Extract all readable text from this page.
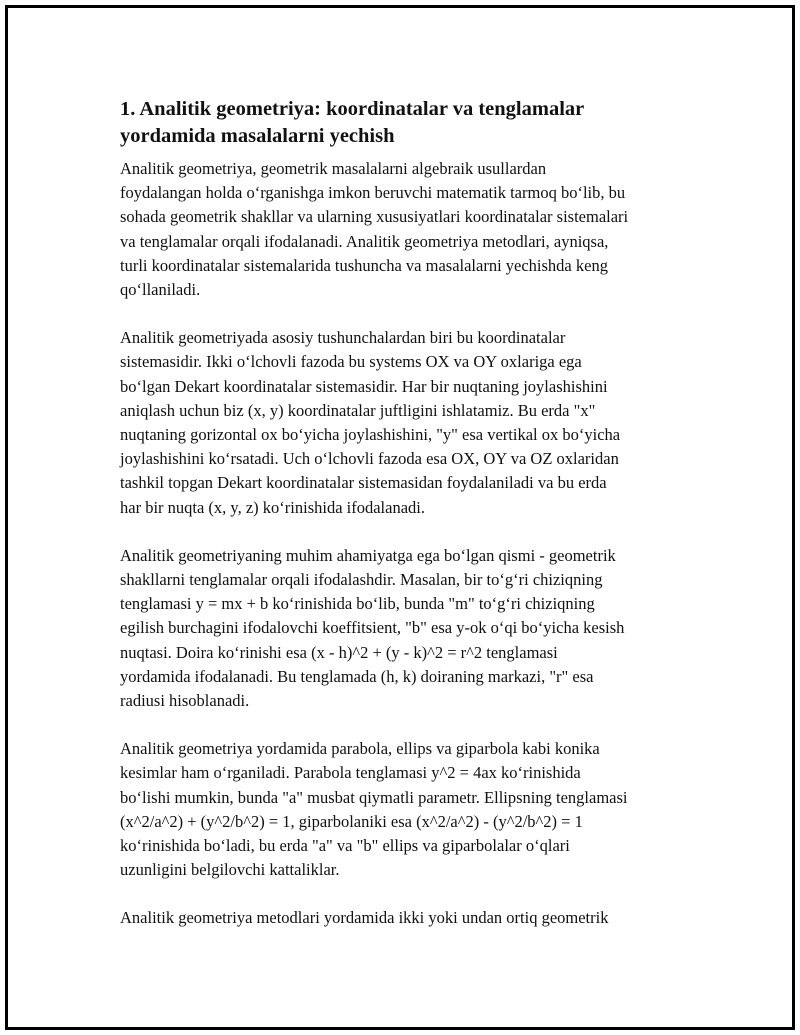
1. Analitik geometriya: koordinatalar va tenglamalar
yordamida masalalarni yechish

Analitik geometriya, geometrik masalalarni algebraik usullardan
foydalangan holda oʻrganishga imkon beruvchi matematik tarmoq boʻlib, bu
sohada geometrik shakllar va ularning xususiyatlari koordinatalar sistemalari
va tenglamalar orqali ifodalanadi. Analitik geometriya metodlari, ayniqsa,
turli koordinatalar sistemalarida tushuncha va masalalarni yechishda keng
qoʻllaniladi.

Analitik geometriyada asosiy tushunchalardan biri bu koordinatalar
sistemasidir. Ikki oʻlchovli fazoda bu systems OX va OY oxlariga ega
boʻlgan Dekart koordinatalar sistemasidir. Har bir nuqtaning joylashishini
aniqlash uchun biz (x, y) koordinatalar juftligini ishlatamiz. Bu erda "x"
nuqtaning gorizontal ox boʻyicha joylashishini, "y" esa vertikal ox boʻyicha
joylashishini koʻrsatadi. Uch oʻlchovli fazoda esa OX, OY va OZ oxlaridan
tashkil topgan Dekart koordinatalar sistemasidan foydalaniladi va bu erda
har bir nuqta (x, y, z) koʻrinishida ifodalanadi.

Analitik geometriyaning muhim ahamiyatga ega boʻlgan qismi - geometrik
shakllarni tenglamalar orqali ifodalashdir. Masalan, bir toʻgʻri chiziqning
tenglamasi y = mx + b koʻrinishida boʻlib, bunda "m" toʻgʻri chiziqning
egilish burchagini ifodalovchi koeffitsient, "b" esa y-ok oʻqi boʻyicha kesish
nuqtasi. Doira koʻrinishi esa (x - h)^2 + (y - k)^2 = r^2 tenglamasi
yordamida ifodalanadi. Bu tenglamada (h, k) doiraning markazi, "r" esa
radiusi hisoblanadi.

Analitik geometriya yordamida parabola, ellips va giparbola kabi konika
kesimlar ham oʻrganiladi. Parabola tenglamasi y^2 = 4ax koʻrinishida
boʻlishi mumkin, bunda "a" musbat qiymatli parametr. Ellipsning tenglamasi
(x^2/a^2) + (y^2/b^2) = 1, giparbolaniki esa (x^2/a^2) - (y^2/b^2) = 1
koʻrinishida boʻladi, bu erda "a" va "b" ellips va giparbolalar oʻqlari
uzunligini belgilovchi kattaliklar.

Analitik geometriya metodlari yordamida ikki yoki undan ortiq geometrik
